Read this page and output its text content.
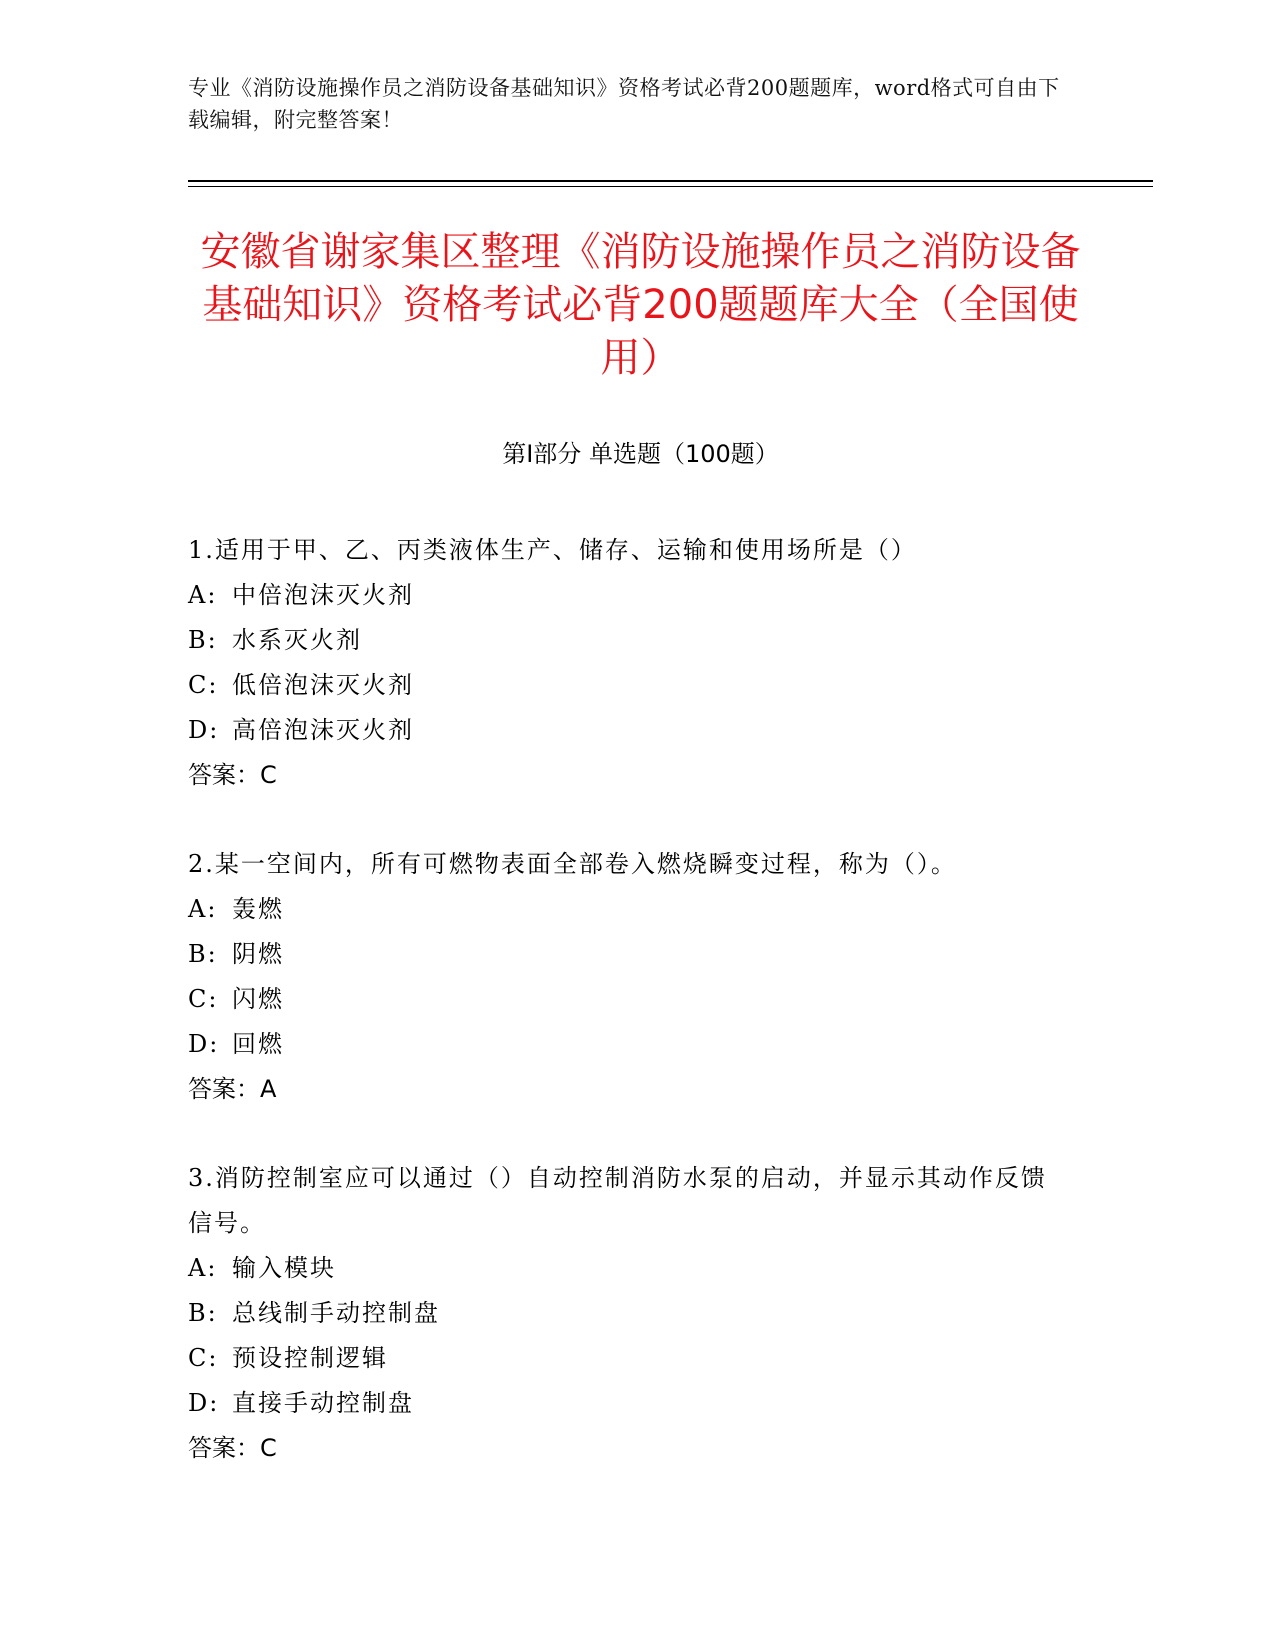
专业《消防设施操作员之消防设备基础知识》资格考试必背200题题库，word格式可自由下载编辑，附完整答案！
安徽省谢家集区整理《消防设施操作员之消防设备基础知识》资格考试必背200题题库大全（全国使用）
第Ⅰ部分 单选题（100题）
1.适用于甲、乙、丙类液体生产、储存、运输和使用场所是（）
A: 中倍泡沫灭火剂
B: 水系灭火剂
C: 低倍泡沫灭火剂
D: 高倍泡沫灭火剂
答案：C
2.某一空间内，所有可燃物表面全部卷入燃烧瞬变过程，称为（）。
A: 轰燃
B: 阴燃
C: 闪燃
D: 回燃
答案：A
3.消防控制室应可以通过（）自动控制消防水泵的启动，并显示其动作反馈信号。
A: 输入模块
B: 总线制手动控制盘
C: 预设控制逻辑
D: 直接手动控制盘
答案：C
